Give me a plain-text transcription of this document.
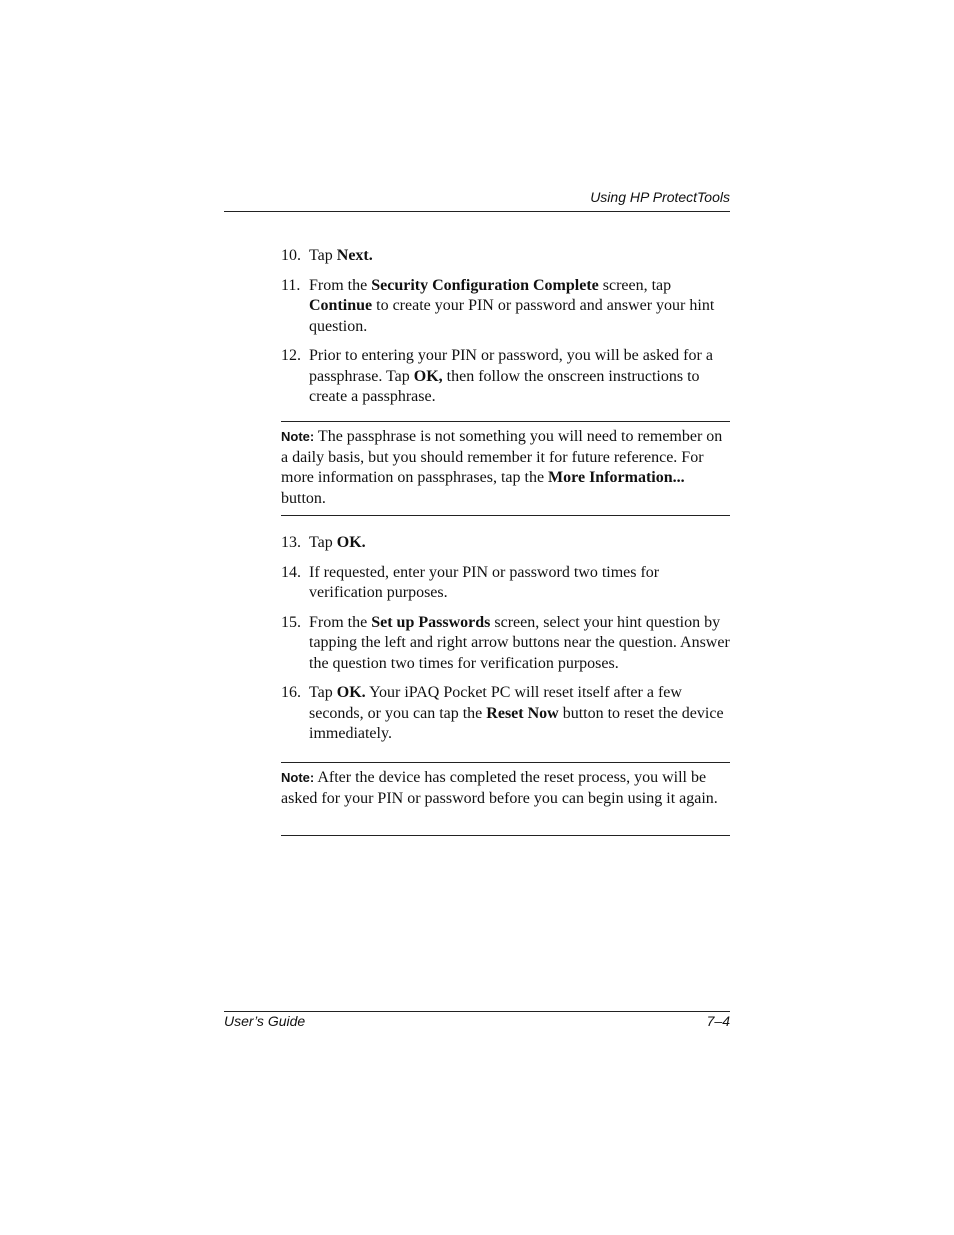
Using HP ProtectTools
10. Tap Next.
11. From the Security Configuration Complete screen, tap Continue to create your PIN or password and answer your hint question.
12. Prior to entering your PIN or password, you will be asked for a passphrase. Tap OK, then follow the onscreen instructions to create a passphrase.
Note: The passphrase is not something you will need to remember on a daily basis, but you should remember it for future reference. For more information on passphrases, tap the More Information... button.
13. Tap OK.
14. If requested, enter your PIN or password two times for verification purposes.
15. From the Set up Passwords screen, select your hint question by tapping the left and right arrow buttons near the question. Answer the question two times for verification purposes.
16. Tap OK. Your iPAQ Pocket PC will reset itself after a few seconds, or you can tap the Reset Now button to reset the device immediately.
Note: After the device has completed the reset process, you will be asked for your PIN or password before you can begin using it again.
User’s Guide	7–4
